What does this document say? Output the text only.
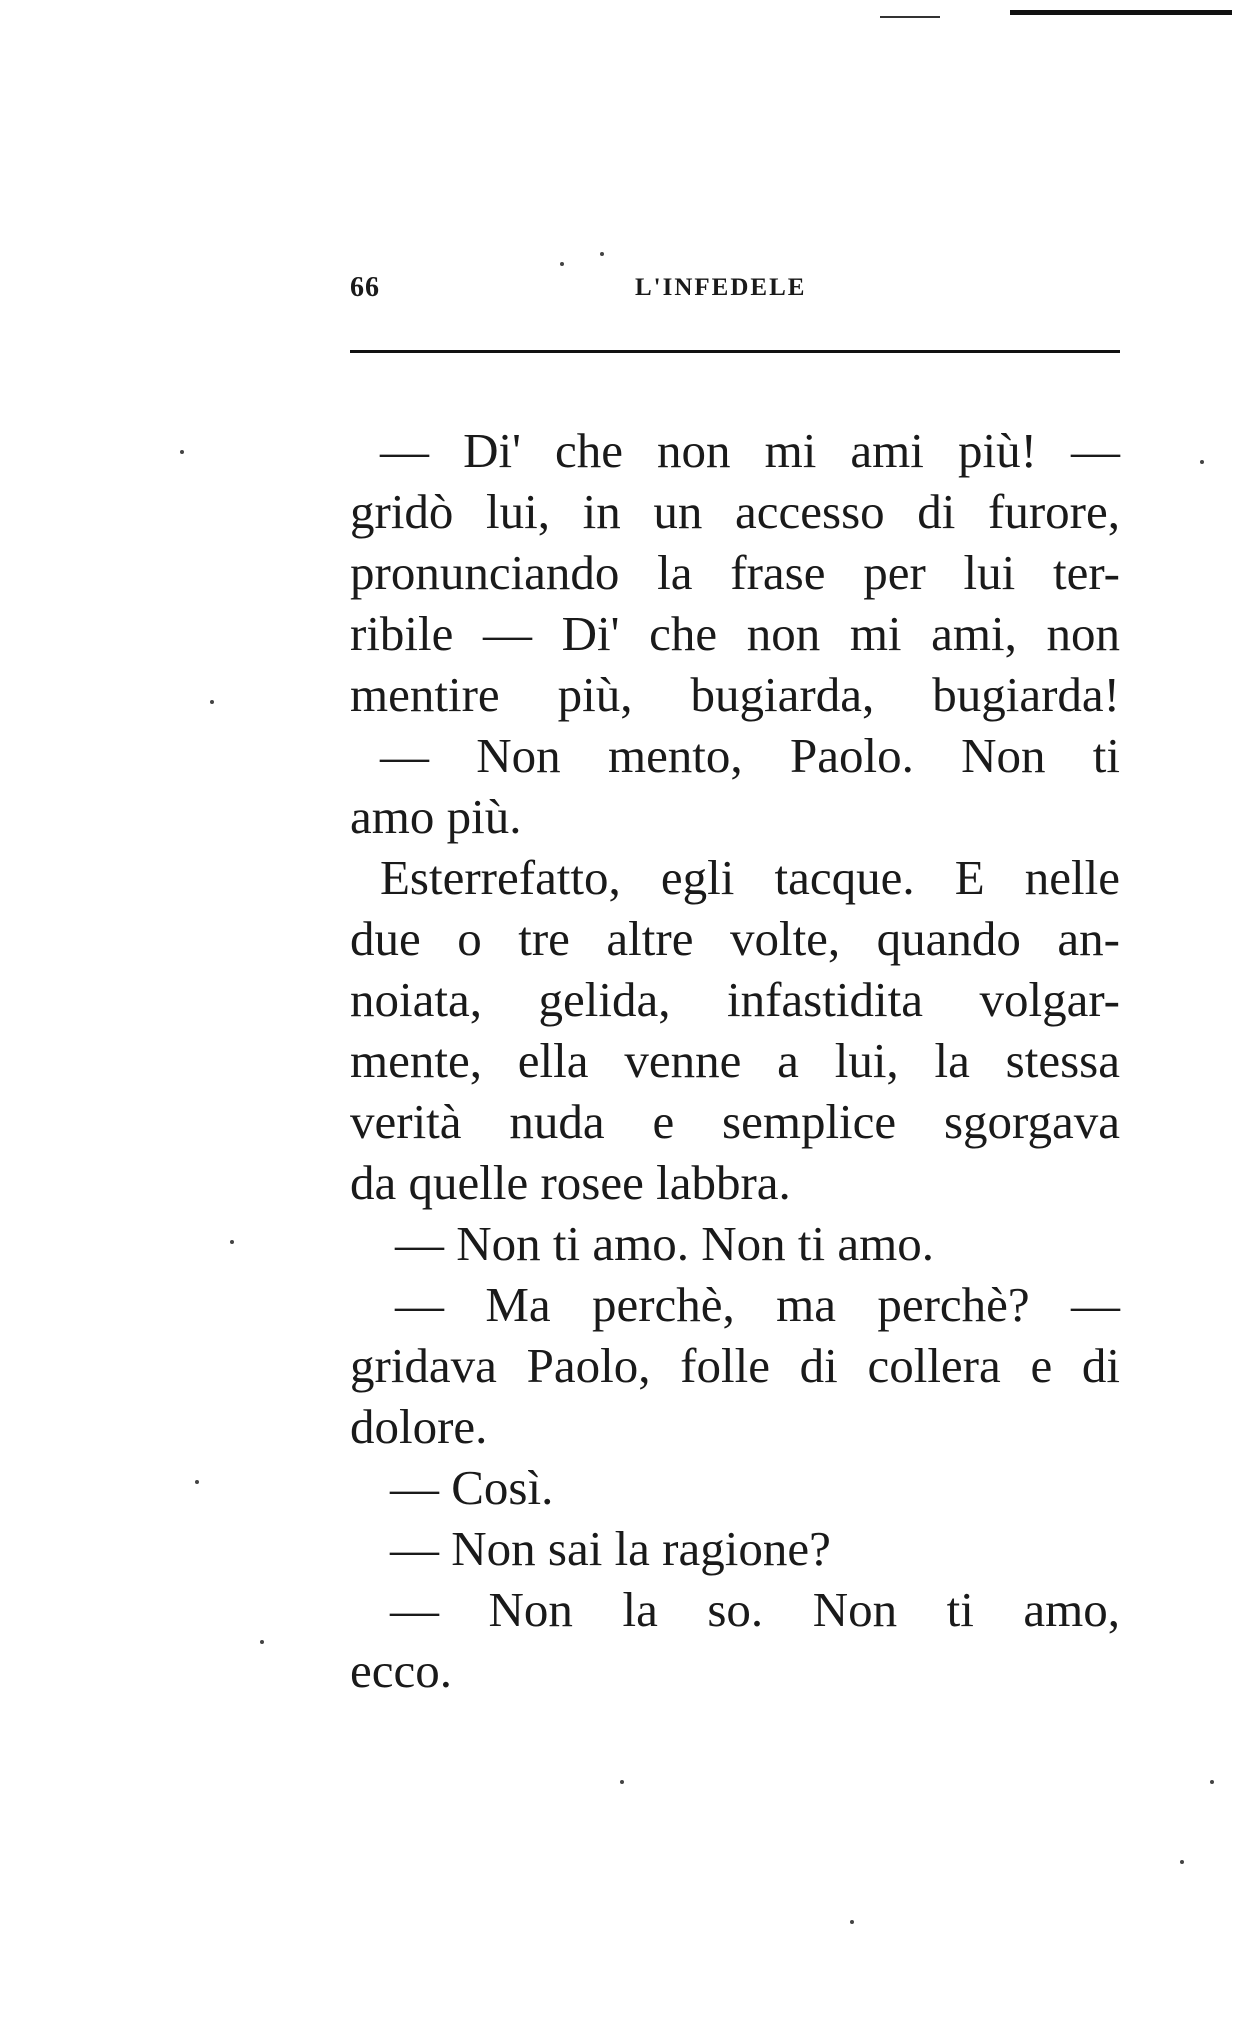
66	L'INFEDELE
— Di' che non mi ami più! —
gridò lui, in un accesso di furore,
pronunciando la frase per lui ter-
ribile — Di' che non mi ami, non
mentire più, bugiarda, bugiarda!
— Non mento, Paolo. Non ti
amo più.
Esterrefatto, egli tacque. E nelle
due o tre altre volte, quando an-
noiata, gelida, infastidita volgar-
mente, ella venne a lui, la stessa
verità nuda e semplice sgorgava
da quelle rosee labbra.
— Non ti amo. Non ti amo.
— Ma perchè, ma perchè? —
gridava Paolo, folle di collera e di
dolore.
— Così.
— Non sai la ragione?
— Non la so. Non ti amo,
ecco.
